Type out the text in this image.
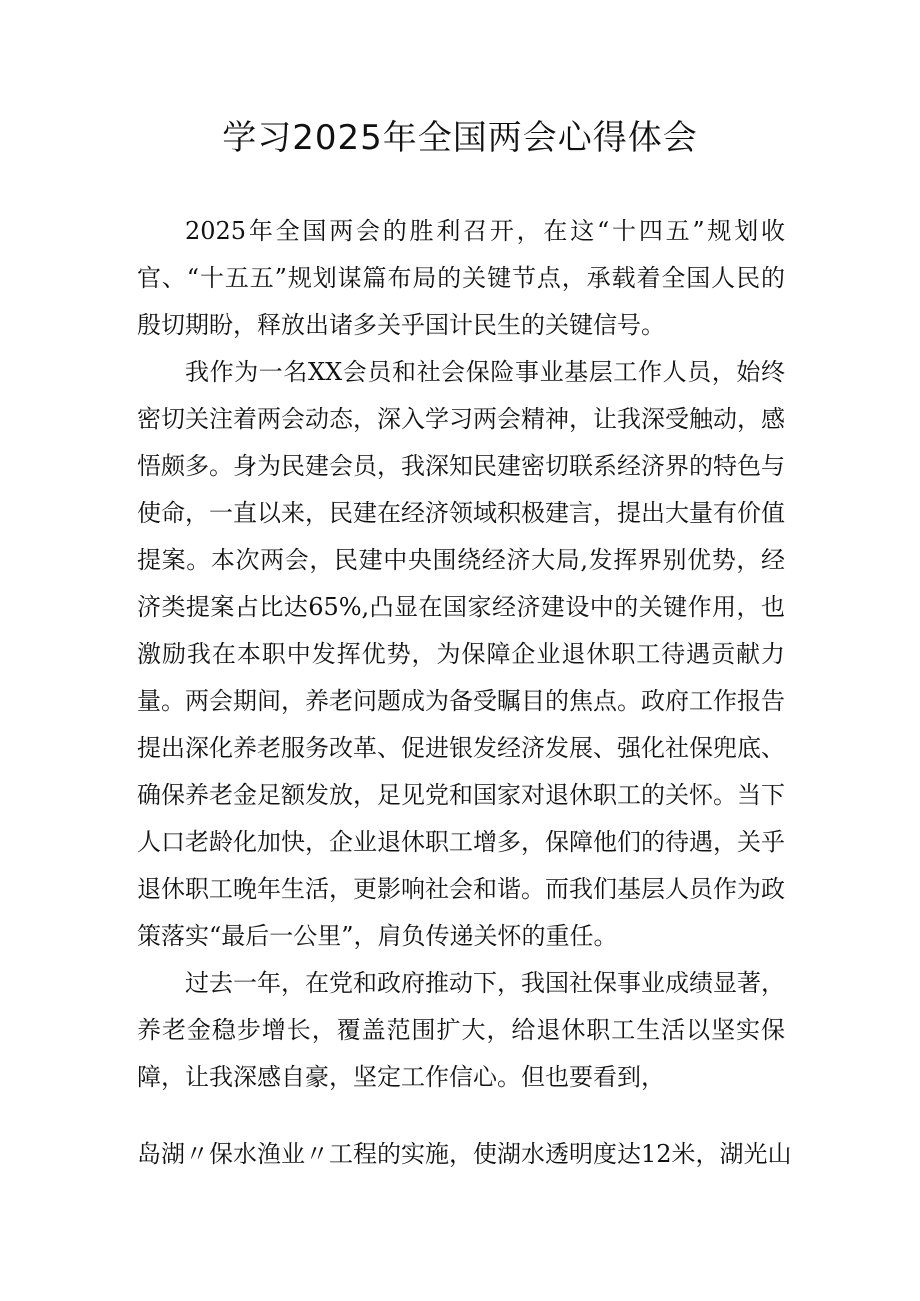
学习2025年全国两会心得体会

2025年全国两会的胜利召开，在这“十四五”规划收官、“十五五”规划谋篇布局的关键节点，承载着全国人民的殷切期盼，释放出诸多关乎国计民生的关键信号。

我作为一名XX会员和社会保险事业基层工作人员，始终密切关注着两会动态，深入学习两会精神，让我深受触动，感悟颇多。身为民建会员，我深知民建密切联系经济界的特色与使命，一直以来，民建在经济领域积极建言，提出大量有价值提案。本次两会，民建中央围绕经济大局,发挥界别优势，经济类提案占比达65%,凸显在国家经济建设中的关键作用，也激励我在本职中发挥优势，为保障企业退休职工待遇贡献力量。两会期间，养老问题成为备受瞩目的焦点。政府工作报告提出深化养老服务改革、促进银发经济发展、强化社保兜底、确保养老金足额发放，足见党和国家对退休职工的关怀。当下人口老龄化加快，企业退休职工增多，保障他们的待遇，关乎退休职工晚年生活，更影响社会和谐。而我们基层人员作为政策落实“最后一公里”，肩负传递关怀的重任。

过去一年，在党和政府推动下，我国社保事业成绩显著，养老金稳步增长，覆盖范围扩大，给退休职工生活以坚实保障，让我深感自豪，坚定工作信心。但也要看到，

岛湖〃保水渔业〃工程的实施，使湖水透明度达12米，湖光山
